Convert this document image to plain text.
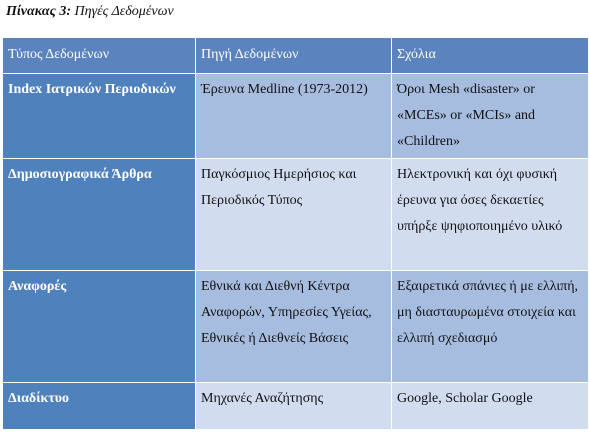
Πίνακας 3: Πηγές Δεδομένων
Τύπος Δεδομένων	Πηγή Δεδομένων	Σχόλια
Index Ιατρικών Περιοδικών	Έρευνα Medline (1973-2012)	Όροι Mesh «disaster» or «MCEs» or «MCIs» and «Children»
Δημοσιογραφικά Άρθρα	Παγκόσμιος Ημερήσιος και Περιοδικός Τύπος	Ηλεκτρονική και όχι φυσική έρευνα για όσες δεκαετίες υπήρξε ψηφιοποιημένο υλικό
Αναφορές	Εθνικά και Διεθνή Κέντρα Αναφορών, Υπηρεσίες Υγείας, Εθνικές ή Διεθνείς Βάσεις	Εξαιρετικά σπάνιες ή με ελλιπή, μη διασταυρωμένα στοιχεία και ελλιπή σχεδιασμό
Διαδίκτυο	Μηχανές Αναζήτησης	Google, Scholar Google
